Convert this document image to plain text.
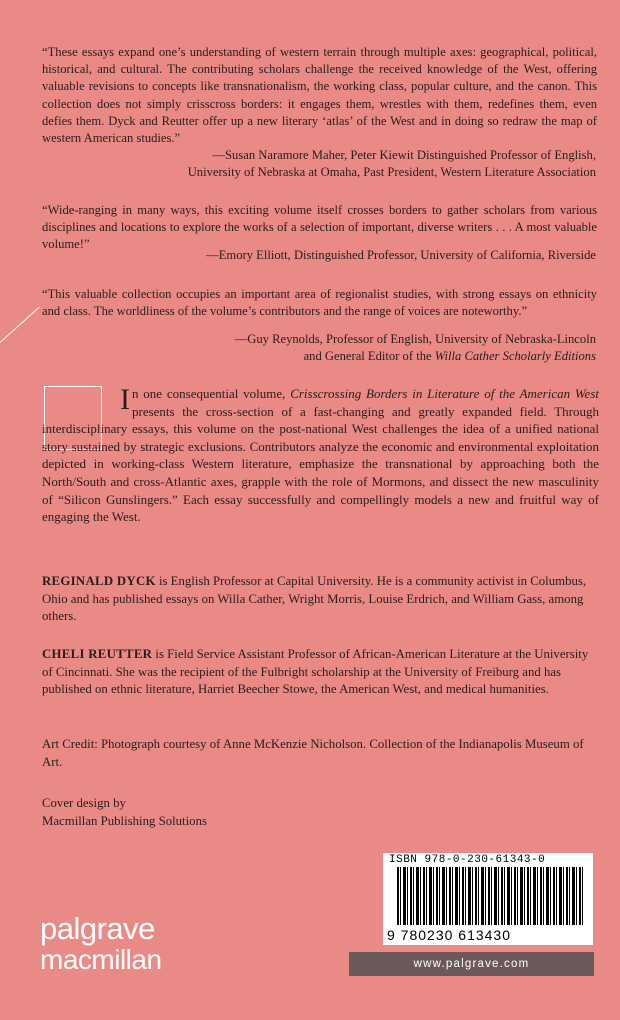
“These essays expand one’s understanding of western terrain through multiple axes: geographical, political, historical, and cultural. The contributing scholars challenge the received knowledge of the West, offering valuable revisions to concepts like transnationalism, the working class, popular culture, and the canon. This collection does not simply crisscross borders: it engages them, wrestles with them, redefines them, even defies them. Dyck and Reutter offer up a new literary ‘atlas’ of the West and in doing so redraw the map of western American studies.”

—Susan Naramore Maher, Peter Kiewit Distinguished Professor of English,
University of Nebraska at Omaha, Past President, Western Literature Association

“Wide-ranging in many ways, this exciting volume itself crosses borders to gather scholars from various disciplines and locations to explore the works of a selection of important, diverse writers . . . A most valuable volume!”

—Emory Elliott, Distinguished Professor, University of California, Riverside

“This valuable collection occupies an important area of regionalist studies, with strong essays on ethnicity and class. The worldliness of the volume’s contributors and the range of voices are noteworthy.”

—Guy Reynolds, Professor of English, University of Nebraska-Lincoln
and General Editor of the Willa Cather Scholarly Editions

In one consequential volume, Crisscrossing Borders in Literature of the American West presents the cross-section of a fast-changing and greatly expanded field. Through interdisciplinary essays, this volume on the post-national West challenges the idea of a unified national story sustained by strategic exclusions. Contributors analyze the economic and environmental exploitation depicted in working-class Western literature, emphasize the transnational by approaching both the North/South and cross-Atlantic axes, grapple with the role of Mormons, and dissect the new masculinity of “Silicon Gunslingers.” Each essay successfully and compellingly models a new and fruitful way of engaging the West.

REGINALD DYCK is English Professor at Capital University. He is a community activist in Columbus, Ohio and has published essays on Willa Cather, Wright Morris, Louise Erdrich, and William Gass, among others.

CHELI REUTTER is Field Service Assistant Professor of African-American Literature at the University of Cincinnati. She was the recipient of the Fulbright scholarship at the University of Freiburg and has published on ethnic literature, Harriet Beecher Stowe, the American West, and medical humanities.

Art Credit: Photograph courtesy of Anne McKenzie Nicholson. Collection of the Indianapolis Museum of Art.

Cover design by
Macmillan Publishing Solutions

palgrave
macmillan
ISBN 978-0-230-61343-0
9 780230 613430
www.palgrave.com
